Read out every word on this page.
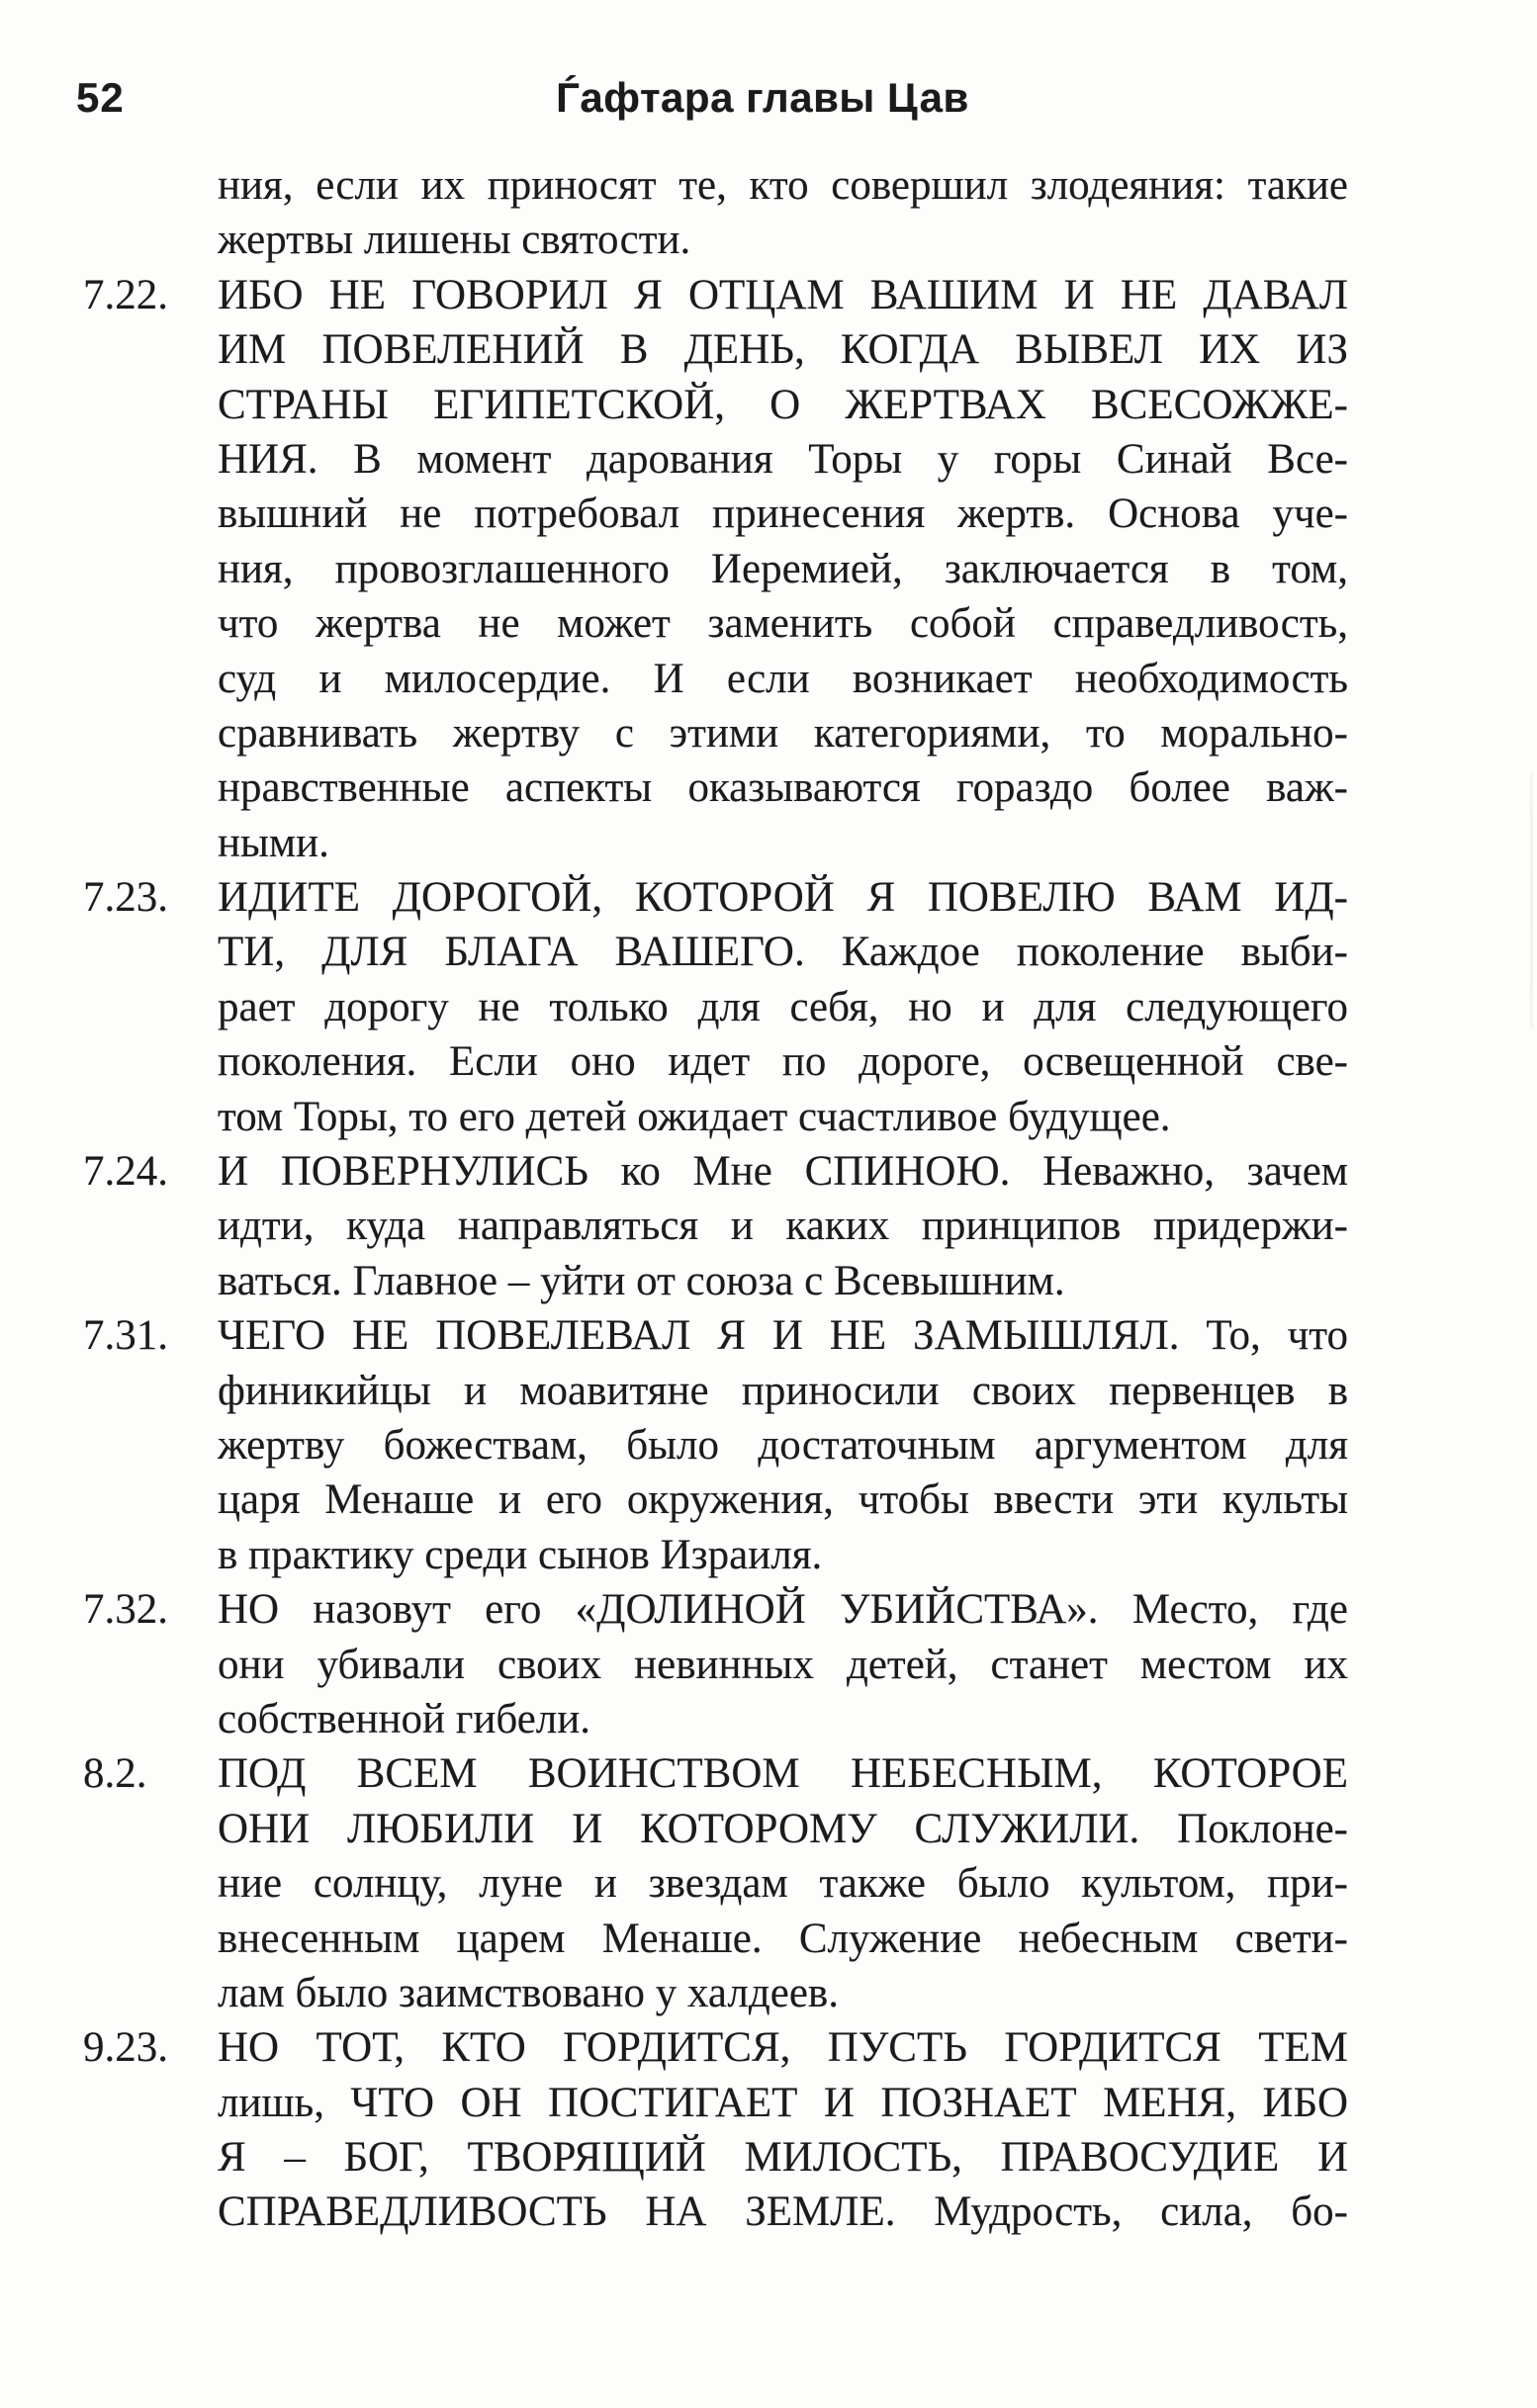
52	Ѓафтара главы Цав
ния, если их приносят те, кто совершил злодеяния: такие
жертвы лишены святости.
7.22. ИБО НЕ ГОВОРИЛ Я ОТЦАМ ВАШИМ И НЕ ДАВАЛ
ИМ ПОВЕЛЕНИЙ В ДЕНЬ, КОГДА ВЫВЕЛ ИХ ИЗ
СТРАНЫ ЕГИПЕТСКОЙ, О ЖЕРТВАХ ВСЕСОЖЖЕ-
НИЯ. В момент дарования Торы у горы Синай Все-
вышний не потребовал принесения жертв. Основа уче-
ния, провозглашенного Иеремией, заключается в том,
что жертва не может заменить собой справедливость,
суд и милосердие. И если возникает необходимость
сравнивать жертву с этими категориями, то морально-
нравственные аспекты оказываются гораздо более важ-
ными.
7.23. ИДИТЕ ДОРОГОЙ, КОТОРОЙ Я ПОВЕЛЮ ВАМ ИД-
ТИ, ДЛЯ БЛАГА ВАШЕГО. Каждое поколение выби-
рает дорогу не только для себя, но и для следующего
поколения. Если оно идет по дороге, освещенной све-
том Торы, то его детей ожидает счастливое будущее.
7.24. И ПОВЕРНУЛИСЬ ко Мне СПИНОЮ. Неважно, зачем
идти, куда направляться и каких принципов придержи-
ваться. Главное – уйти от союза с Всевышним.
7.31. ЧЕГО НЕ ПОВЕЛЕВАЛ Я И НЕ ЗАМЫШЛЯЛ. То, что
финикийцы и моавитяне приносили своих первенцев в
жертву божествам, было достаточным аргументом для
царя Менаше и его окружения, чтобы ввести эти культы
в практику среди сынов Израиля.
7.32. НО назовут его «ДОЛИНОЙ УБИЙСТВА». Место, где
они убивали своих невинных детей, станет местом их
собственной гибели.
8.2. ПОД ВСЕМ ВОИНСТВОМ НЕБЕСНЫМ, КОТОРОЕ
ОНИ ЛЮБИЛИ И КОТОРОМУ СЛУЖИЛИ. Поклоне-
ние солнцу, луне и звездам также было культом, при-
внесенным царем Менаше. Служение небесным свети-
лам было заимствовано у халдеев.
9.23. НО ТОТ, КТО ГОРДИТСЯ, ПУСТЬ ГОРДИТСЯ ТЕМ
лишь, ЧТО ОН ПОСТИГАЕТ И ПОЗНАЕТ МЕНЯ, ИБО
Я – БОГ, ТВОРЯЩИЙ МИЛОСТЬ, ПРАВОСУДИЕ И
СПРАВЕДЛИВОСТЬ НА ЗЕМЛЕ. Мудрость, сила, бо-
